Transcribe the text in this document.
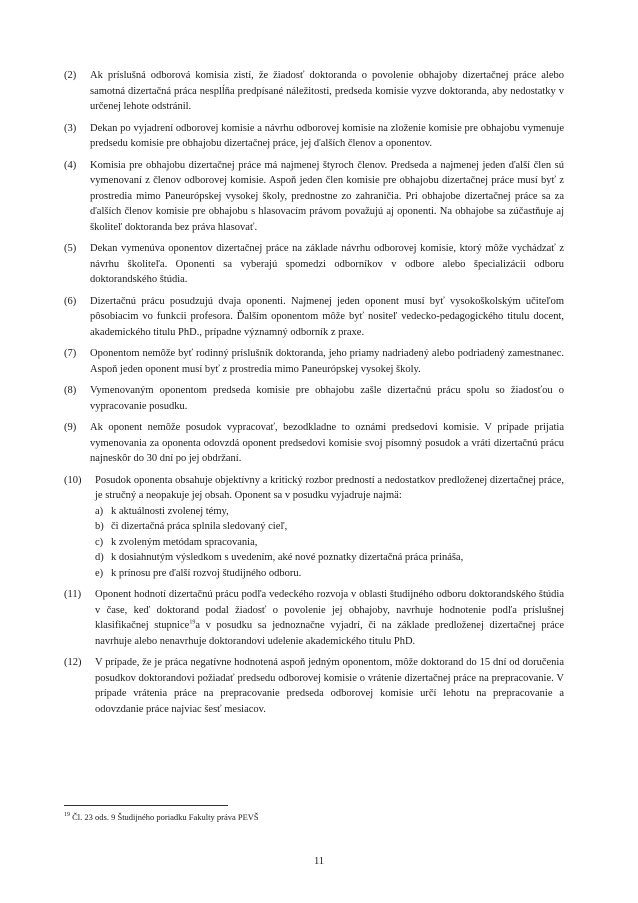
(2)	Ak príslušná odborová komisia zistí, že žiadosť doktoranda o povolenie obhajoby dizertačnej práce alebo samotná dizertačná práca nesplĺňa predpísané náležitosti, predseda komisie vyzve doktoranda, aby nedostatky v určenej lehote odstránil.
(3)	Dekan po vyjadrení odborovej komisie a návrhu odborovej komisie na zloženie komisie pre obhajobu vymenuje predsedu komisie pre obhajobu dizertačnej práce, jej ďalších členov a oponentov.
(4)	Komisia pre obhajobu dizertačnej práce má najmenej štyroch členov. Predseda a najmenej jeden ďalší člen sú vymenovaní z členov odborovej komisie. Aspoň jeden člen komisie pre obhajobu dizertačnej práce musí byť z prostredia mimo Paneurópskej vysokej školy, prednostne zo zahraničia. Pri obhajobe dizertačnej práce sa za ďalších členov komisie pre obhajobu s hlasovacím právom považujú aj oponenti. Na obhajobe sa zúčastňuje aj školiteľ doktoranda bez práva hlasovať.
(5)	Dekan vymenúva oponentov dizertačnej práce na základe návrhu odborovej komisie, ktorý môže vychádzať z návrhu školiteľa. Oponenti sa vyberajú spomedzi odborníkov v odbore alebo špecializácii odboru doktorandského štúdia.
(6)	Dizertačnú prácu posudzujú dvaja oponenti. Najmenej jeden oponent musí byť vysokoškolským učiteľom pôsobiacim vo funkcii profesora. Ďalším oponentom môže byť nositeľ vedecko-pedagogického titulu docent, akademického titulu PhD., prípadne významný odborník z praxe.
(7)	Oponentom nemôže byť rodinný príslušník doktoranda, jeho priamy nadriadený alebo podriadený zamestnanec. Aspoň jeden oponent musí byť z prostredia mimo Paneurópskej vysokej školy.
(8)	Vymenovaným oponentom predseda komisie pre obhajobu zašle dizertačnú prácu spolu so žiadosťou o vypracovanie posudku.
(9)	Ak oponent nemôže posudok vypracovať, bezodkladne to oznámi predsedovi komisie. V prípade prijatia vymenovania za oponenta odovzdá oponent predsedovi komisie svoj písomný posudok a vráti dizertačnú prácu najneskôr do 30 dní po jej obdržaní.
(10)	Posudok oponenta obsahuje objektívny a kritický rozbor predností a nedostatkov predloženej dizertačnej práce, je stručný a neopakuje jej obsah. Oponent sa v posudku vyjadruje najmä:
a) k aktuálnosti zvolenej témy,
b) či dizertačná práca splnila sledovaný cieľ,
c) k zvoleným metódam spracovania,
d) k dosiahnutým výsledkom s uvedením, aké nové poznatky dizertačná práca prináša,
e) k prínosu pre ďalší rozvoj študijného odboru.
(11)	Oponent hodnotí dizertačnú prácu podľa vedeckého rozvoja v oblasti študijného odboru doktorandského štúdia v čase, keď doktorand podal žiadosť o povolenie jej obhajoby, navrhuje hodnotenie podľa príslušnej klasifikačnej stupnice$^{19}$a v posudku sa jednoznačne vyjadrí, či na základe predloženej dizertačnej práce navrhuje alebo nenavrhuje doktorandovi udelenie akademického titulu PhD.
(12)	V prípade, že je práca negatívne hodnotená aspoň jedným oponentom, môže doktorand do 15 dní od doručenia posudkov doktorandovi požiadať predsedu odborovej komisie o vrátenie dizertačnej práce na prepracovanie. V prípade vrátenia práce na prepracovanie predseda odborovej komisie určí lehotu na prepracovanie a odovzdanie práce najviac šesť mesiacov.
$^{19}$ Čl. 23 ods. 9 Študijného poriadku Fakulty práva PEVŠ
11
